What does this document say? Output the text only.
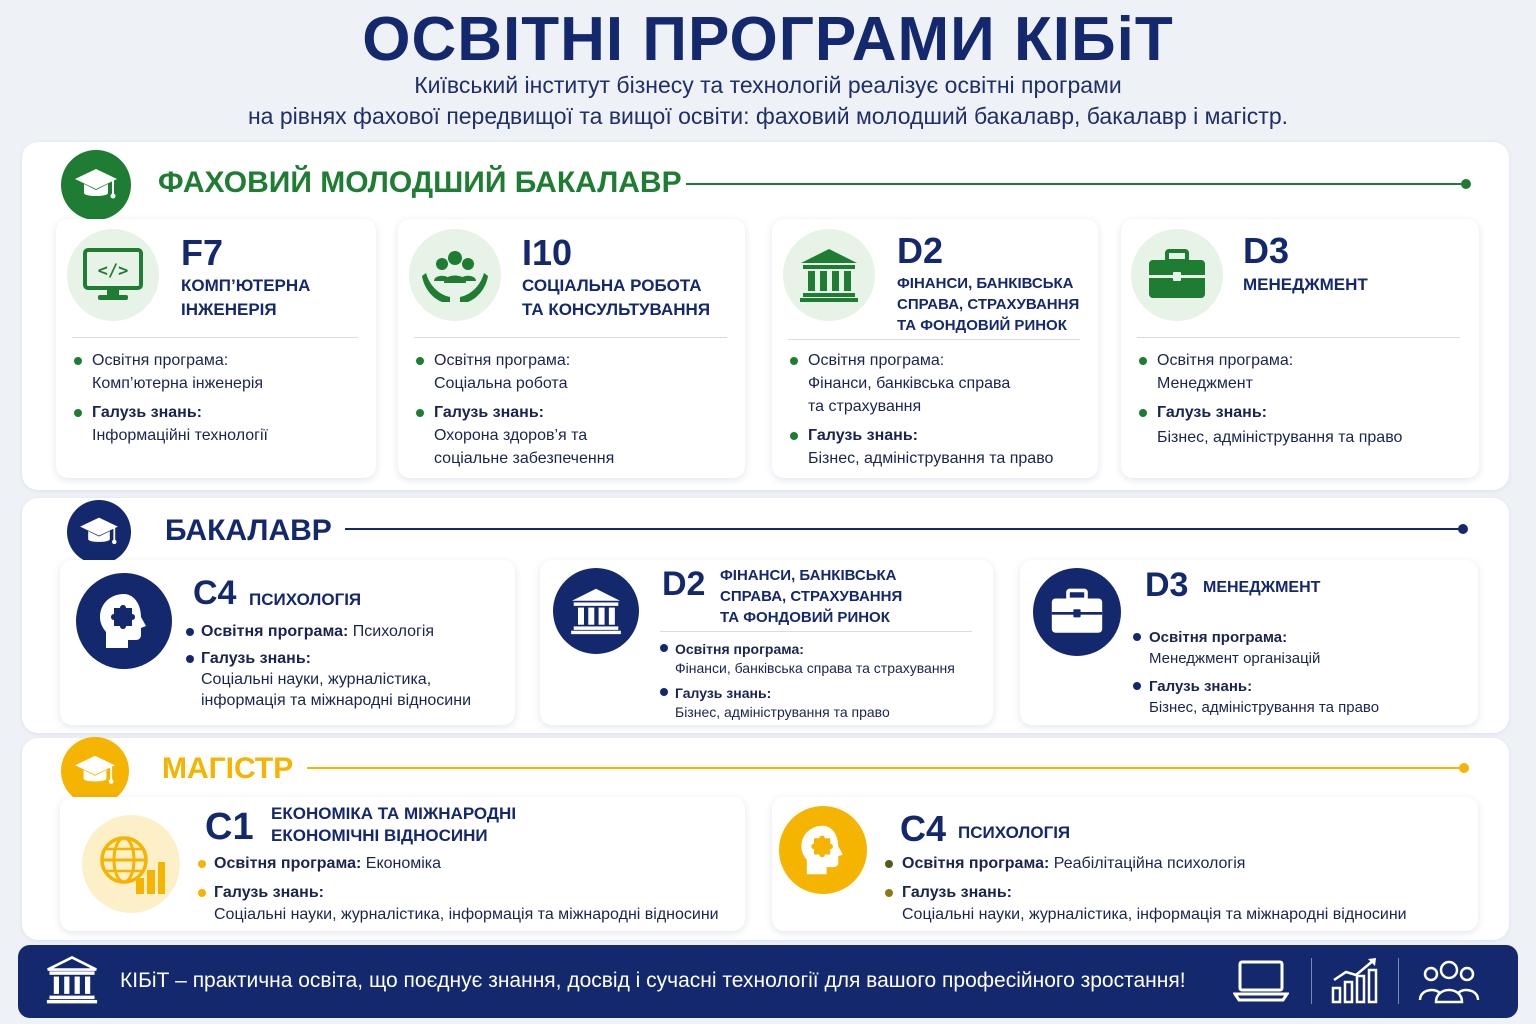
ОСВІТНІ ПРОГРАМИ КІБіТ
Київський інститут бізнесу та технологій реалізує освітні програми
на рівнях фахової передвищої та вищої освіти: фаховий молодший бакалавр, бакалавр і магістр.
ФАХОВИЙ МОЛОДШИЙ БАКАЛАВР
</> F7
КОМП’ЮТЕРНА
ІНЖЕНЕРІЯ
Освітня програма:
Комп’ютерна інженерія
Галузь знань:
Інформаційні технології
I10
СОЦІАЛЬНА РОБОТА
ТА КОНСУЛЬТУВАННЯ
Освітня програма:
Соціальна робота
Галузь знань:
Охорона здоров’я та
соціальне забезпечення
D2
ФІНАНСИ, БАНКІВСЬКА
СПРАВА, СТРАХУВАННЯ
ТА ФОНДОВИЙ РИНОК
Освітня програма:
Фінанси, банківська справа
та страхування
Галузь знань:
Бізнес, адміністрування та право
D3
МЕНЕДЖМЕНТ
Освітня програма:
Менеджмент
Галузь знань:
Бізнес, адміністрування та право
БАКАЛАВР
C4 ПСИХОЛОГІЯ
Освітня програма: Психологія
Галузь знань:
Соціальні науки, журналістика,
інформація та міжнародні відносини
D2 ФІНАНСИ, БАНКІВСЬКА
СПРАВА, СТРАХУВАННЯ
ТА ФОНДОВИЙ РИНОК
Освітня програма:
Фінанси, банківська справа та страхування
Галузь знань:
Бізнес, адміністрування та право
D3 МЕНЕДЖМЕНТ
Освітня програма:
Менеджмент організацій
Галузь знань:
Бізнес, адміністрування та право
МАГІСТР
C1 ЕКОНОМІКА ТА МІЖНАРОДНІ
ЕКОНОМІЧНІ ВІДНОСИНИ
Освітня програма: Економіка
Галузь знань:
Соціальні науки, журналістика, інформація та міжнародні відносини
C4 ПСИХОЛОГІЯ
Освітня програма: Реабілітаційна психологія
Галузь знань:
Соціальні науки, журналістика, інформація та міжнародні відносини
КІБіТ – практична освіта, що поєднує знання, досвід і сучасні технології для вашого професійного зростання!
